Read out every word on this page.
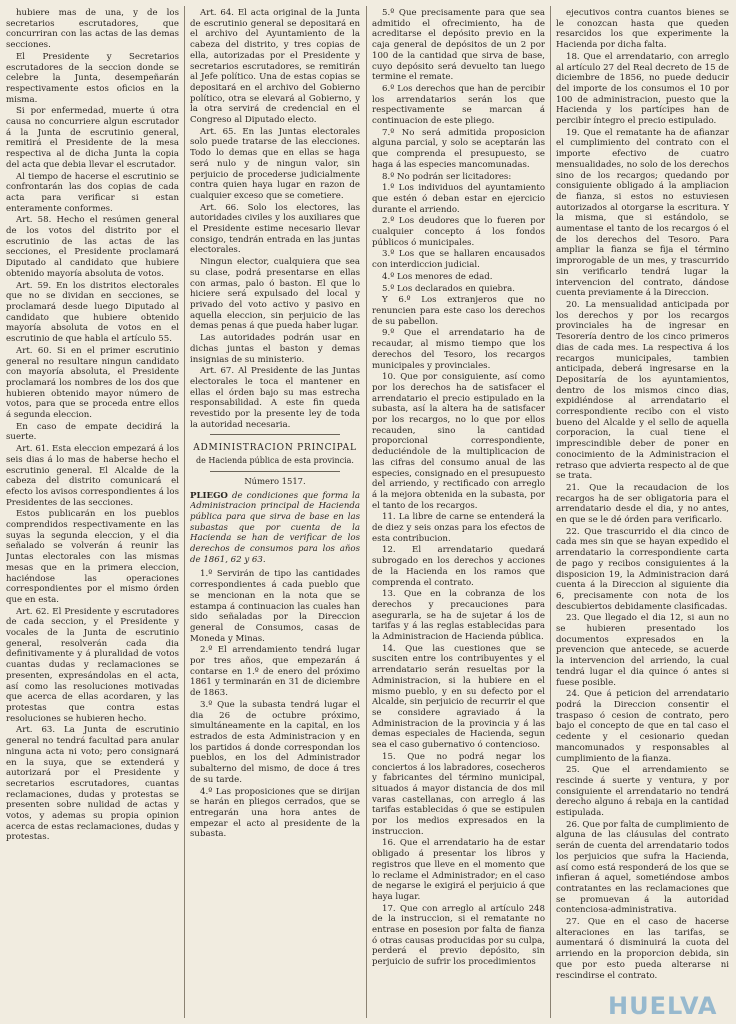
hubiere mas de una, y de los secretarios escrutadores, que concurriran con las actas de las demas secciones.

El Presidente y Secretarios escrutadores de la seccion donde se celebre la Junta, desempeñarán respectivamente estos oficios en la misma.

Si por enfermedad, muerte ú otra causa no concurriere algun escrutador á la Junta de escrutinio general, remitirá el Presidente de la mesa respectiva al de dicha Junta la copia del acta que debia llevar el escrutador.

Al tiempo de hacerse el escrutinio se confrontarán las dos copias de cada acta para verificar si estan enteramente conformes.

Art. 58. Hecho el resúmen general de los votos del distrito por el escrutinio de las actas de las secciones, el Presidente proclamará Diputado al candidato que hubiere obtenido mayoría absoluta de votos.

Art. 59. En los distritos electorales que no se dividan en secciones, se proclamará desde luego Diputado al candidato que hubiere obtenido mayoría absoluta de votos en el escrutinio de que habla el artículo 55.

Art. 60. Si en el primer escrutinio general no resultare ningun candidato con mayoría absoluta, el Presidente proclamará los nombres de los dos que hubieren obtenido mayor número de votos, para que se proceda entre ellos á segunda eleccion.

En caso de empate decidirá la suerte.

Art. 61. Esta eleccion empezará á los seis dias á lo mas de haberse hecho el escrutinio general. El Alcalde de la cabeza del distrito comunicará el efecto los avisos correspondientes á los Presidentes de las secciones.

Estos publicarán en los pueblos comprendidos respectivamente en las suyas la segunda eleccion, y el dia señalado se volverán á reunir las Juntas electorales con las mismas mesas que en la primera eleccion, haciéndose las operaciones correspondientes por el mismo órden que en esta.

Art. 62. El Presidente y escrutadores de cada seccion, y el Presidente y vocales de la Junta de escrutinio general, resolverán cada dia definitivamente y á pluralidad de votos cuantas dudas y reclamaciones se presenten, expresándolas en el acta, así como las resoluciones motivadas que acerca de ellas acordaren, y las protestas que contra estas resoluciones se hubieren hecho.

Art. 63. La Junta de escrutinio general no tendrá facultad para anular ninguna acta ni voto; pero consignará en la suya, que se extenderá y autorizará por el Presidente y secretarios escrutadores, cuantas reclamaciones, dudas y protestas se presenten sobre nulidad de actas y votos, y ademas su propia opinion acerca de estas reclamaciones, dudas y protestas.

Art. 64. El acta original de la Junta de escrutinio general se depositará en el archivo del Ayuntamiento de la cabeza del distrito, y tres copias de ella, autorizadas por el Presidente y secretarios escrutadores, se remitirán al Jefe político. Una de estas copias se depositará en el archivo del Gobierno político, otra se elevará al Gobierno, y la otra servirá de credencial en el Congreso al Diputado electo.

Art. 65. En las Juntas electorales solo puede tratarse de las elecciones. Todo lo demas que en ellas se haga será nulo y de ningun valor, sin perjuicio de procederse judicialmente contra quien haya lugar en razon de cualquier exceso que se cometiere.

Art. 66. Solo los electores, las autoridades civiles y los auxiliares que el Presidente estime necesario llevar consigo, tendrán entrada en las juntas electorales.

Ningun elector, cualquiera que sea su clase, podrá presentarse en ellas con armas, palo ó baston. El que lo hiciere será expulsado del local y privado del voto activo y pasivo en aquella eleccion, sin perjuicio de las demas penas á que pueda haber lugar.

Las autoridades podrán usar en dichas juntas el baston y demas insignias de su ministerio.

Art. 67. Al Presidente de las Juntas electorales le toca el mantener en ellas el órden bajo su mas estrecha responsabilidad. A este fin queda revestido por la presente ley de toda la autoridad necesaria.

ADMINISTRACION PRINCIPAL
de Hacienda pública de esta provincia.
Número 1517.

PLIEGO de condiciones que forma la Administracion principal de Hacienda pública para que sirva de base en las subastas que por cuenta de la Hacienda se han de verificar de los derechos de consumos para los años de 1861, 62 y 63.

1.º Servirán de tipo las cantidades correspondientes á cada pueblo que se mencionan en la nota que se estampa á continuacion las cuales han sido señaladas por la Direccion general de Consumos, casas de Moneda y Minas.

2.º El arrendamiento tendrá lugar por tres años, que empezarán á contarse en 1.º de enero del próximo 1861 y terminarán en 31 de diciembre de 1863.

3.º Que la subasta tendrá lugar el dia 26 de octubre próximo, simultáneamente en la capital, en los estrados de esta Administracion y en los partidos á donde correspondan los pueblos, en los del Administrador subalterno del mismo, de doce á tres de su tarde.

4.º Las proposiciones que se dirijan se harán en pliegos cerrados, que se entregarán una hora antes de empezar el acto al presidente de la subasta.

5.º Que precisamente para que sea admitido el ofrecimiento, ha de acreditarse el depósito previo en la caja general de depósitos de un 2 por 100 de la cantidad que sirva de base, cuyo depósito será devuelto tan luego termine el remate.

6.º Los derechos que han de percibir los arrendatarios serán los que respectivamente se marcan á continuacion de este pliego.

7.º No será admitida proposicion alguna parcial, y solo se aceptarán las que comprenda el presupuesto, se haga á las especies mancomunadas.

8.º No podrán ser licitadores:

1.º Los individuos del ayuntamiento que estén ó deban estar en ejercicio durante el arriendo.

2.º Los deudores que lo fueren por cualquier concepto á los fondos públicos ó municipales.

3.º Los que se hallaren encausados con interdiccion judicial.

4.º Los menores de edad.

5.º Los declarados en quiebra.

Y 6.º Los extranjeros que no renuncien para este caso los derechos de su pabellon.

9.º Que el arrendatario ha de recaudar, al mismo tiempo que los derechos del Tesoro, los recargos municipales y provinciales.

10. Que por consiguiente, así como por los derechos ha de satisfacer el arrendatario el precio estipulado en la subasta, así la altera ha de satisfacer por los recargos, no lo que por ellos recauden, sino la cantidad proporcional correspondiente, deduciéndole de la multiplicacion de las cifras del consumo anual de las especies, consignado en el presupuesto del arriendo, y rectificado con arreglo á la mejora obtenida en la subasta, por el tanto de los recargos.

11. La libre de carne se entenderá la de diez y seis onzas para los efectos de esta contribucion.

12. El arrendatario quedará subrogado en los derechos y acciones de la Hacienda en los ramos que comprenda el contrato.

13. Que en la cobranza de los derechos y precauciones para asegurarla, se ha de sujetar á los de tarifas y á las reglas establecidas para la Administracion de Hacienda pública.

14. Que las cuestiones que se susciten entre los contribuyentes y el arrendatario serán resueltas por la Administracion, si la hubiere en el mismo pueblo, y en su defecto por el Alcalde, sin perjuicio de recurrir el que se considere agraviado á la Administracion de la provincia y á las demas especiales de Hacienda, segun sea el caso gubernativo ó contencioso.

15. Que no podrá negar los conciertos á los labradores, cosecheros y fabricantes del término municipal, situados á mayor distancia de dos mil varas castellanas, con arreglo á las tarifas establecidas ó que se estipulen por los medios expresados en la instruccion.

16. Que el arrendatario ha de estar obligado á presentar los libros y registros que lleve en el momento que lo reclame el Administrador; en el caso de negarse le exigirá el perjuicio á que haya lugar.

17. Que con arreglo al artículo 248 de la instruccion, si el rematante no entrase en posesion por falta de fianza ó otras causas producidas por su culpa, perderá el previo depósito, sin perjuicio de sufrir los procedimientos

ejecutivos contra cuantos bienes se le conozcan hasta que queden resarcidos los que experimente la Hacienda por dicha falta.

18. Que el arrendatario, con arreglo al artículo 27 del Real decreto de 15 de diciembre de 1856, no puede deducir del importe de los consumos el 10 por 100 de administracion, puesto que la Hacienda y los partícipes han de percibir íntegro el precio estipulado.

19. Que el rematante ha de afianzar el cumplimiento del contrato con el importe efectivo de cuatro mensualidades, no solo de los derechos sino de los recargos; quedando por consiguiente obligado á la ampliacion de fianza, si estos no estuviesen autorizados al otorgarse la escritura. Y la misma, que si estándolo, se aumentase el tanto de los recargos ó el de los derechos del Tesoro. Para ampliar la fianza se fija el término improrogable de un mes, y trascurrido sin verificarlo tendrá lugar la intervencion del contrato, dándose cuenta previamente á la Direccion.

20. La mensualidad anticipada por los derechos y por los recargos provinciales ha de ingresar en Tesorería dentro de los cinco primeros dias de cada mes. La respectiva á los recargos municipales, tambien anticipada, deberá ingresarse en la Depositaría de los ayuntamientos, dentro de los mismos cinco dias, expidiéndose al arrendatario el correspondiente recibo con el visto bueno del Alcalde y el sello de aquella corporacion, la cual tiene el imprescindible deber de poner en conocimiento de la Administracion el retraso que advierta respecto al de que se trata.

21. Que la recaudacion de los recargos ha de ser obligatoria para el arrendatario desde el dia, y no antes, en que se le dé órden para verificarlo.

22. Que trascurrido el dia cinco de cada mes sin que se hayan expedido el arrendatario la correspondiente carta de pago y recibos consiguientes á la disposicion 19, la Administracion dará cuenta á la Direccion al siguiente dia 6, precisamente con nota de los descubiertos debidamente clasificadas.

23. Que llegado el dia 12, si aun no se hubieren presentado los documentos expresados en la prevencion que antecede, se acuerde la intervencion del arriendo, la cual tendrá lugar el dia quince ó antes si fuese posible.

24. Que á peticion del arrendatario podrá la Direccion consentir el traspaso ó cesion de contrato, pero bajo el concepto de que en tal caso el cedente y el cesionario quedan mancomunados y responsables al cumplimiento de la fianza.

25. Que el arrendamiento se rescinde á suerte y ventura, y por consiguiente el arrendatario no tendrá derecho alguno á rebaja en la cantidad estipulada.

26. Que por falta de cumplimiento de alguna de las cláusulas del contrato serán de cuenta del arrendatario todos los perjuicios que sufra la Hacienda, así como está responderá de los que se infieran á aquel, sometiéndose ambos contratantes en las reclamaciones que se promuevan á la autoridad contenciosa-administrativa.

27. Que en el caso de hacerse alteraciones en las tarifas, se aumentará ó disminuirá la cuota del arriendo en la proporcion debida, sin que por esto pueda alterarse ni rescindirse el contrato.

HUELVA
